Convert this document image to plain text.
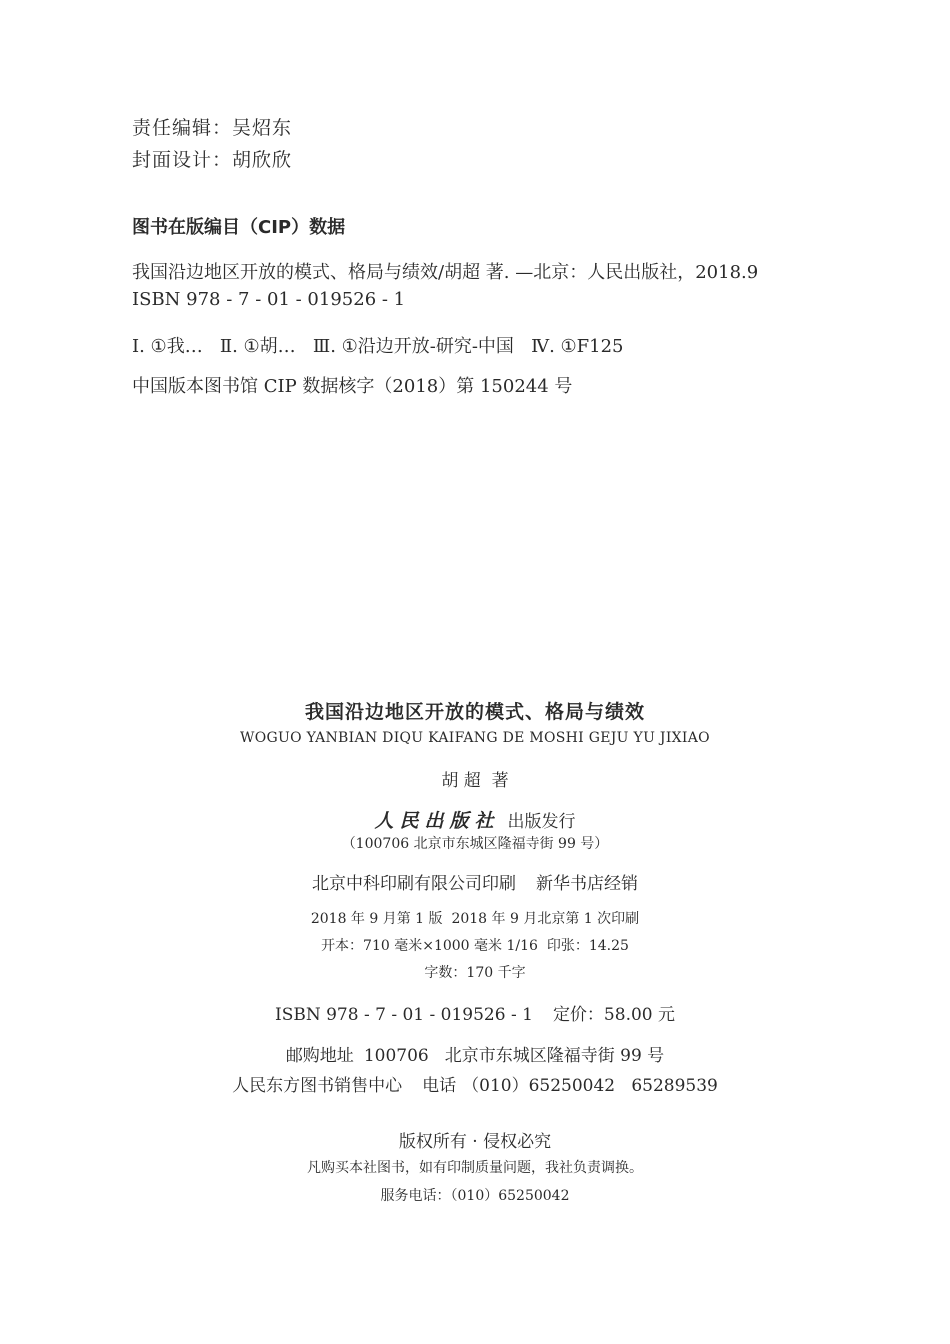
责任编辑：吴炤东
封面设计：胡欣欣
图书在版编目（CIP）数据
我国沿边地区开放的模式、格局与绩效/胡超 著. —北京：人民出版社，2018.9
ISBN 978 - 7 - 01 - 019526 - 1
Ⅰ. ①我…   Ⅱ. ①胡…   Ⅲ. ①沿边开放-研究-中国   Ⅳ. ①F125
中国版本图书馆 CIP 数据核字（2018）第 150244 号
我国沿边地区开放的模式、格局与绩效
WOGUO YANBIAN DIQU KAIFANG DE MOSHI GEJU YU JIXIAO
胡 超  著
人民出版社 出版发行
（100706 北京市东城区隆福寺街 99 号）
北京中科印刷有限公司印刷 新华书店经销
2018 年 9 月第 1 版  2018 年 9 月北京第 1 次印刷
开本：710 毫米×1000 毫米 1/16  印张：14.25
字数：170 千字
ISBN 978 - 7 - 01 - 019526 - 1 定价：58.00 元
邮购地址 100706 北京市东城区隆福寺街 99 号
人民东方图书销售中心 电话 （010）65250042   65289539
版权所有 · 侵权必究
凡购买本社图书，如有印制质量问题，我社负责调换。
服务电话：（010）65250042
